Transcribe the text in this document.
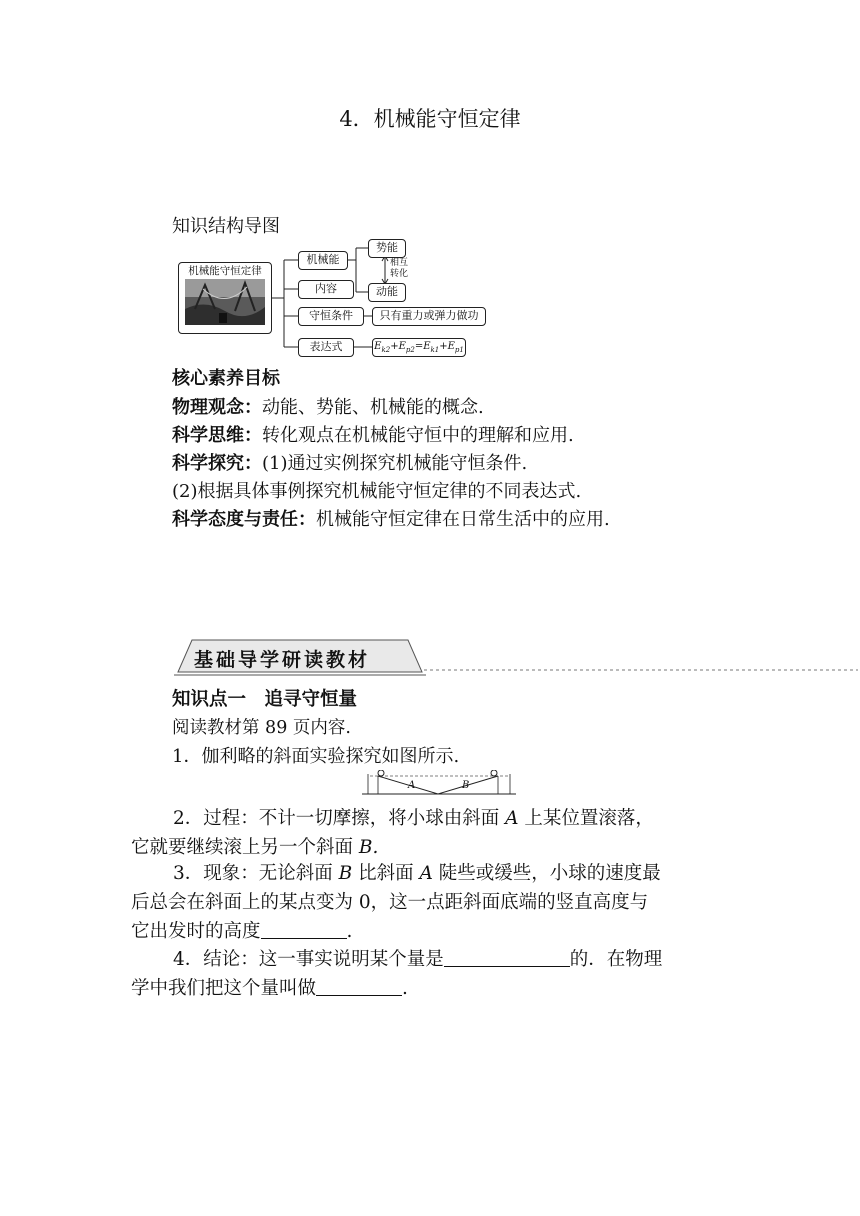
4．机械能守恒定律
知识结构导图
机械能守恒定律
机械能
内容
守恒条件
表达式
势能
动能
相互
转化
只有重力或弹力做功
$E_{k2}+E_{p2}=E_{k1}+E_{p1}$
核心素养目标
物理观念：动能、势能、机械能的概念.
科学思维：转化观点在机械能守恒中的理解和应用.
科学探究：(1)通过实例探究机械能守恒条件.
(2)根据具体事例探究机械能守恒定律的不同表达式.
科学态度与责任：机械能守恒定律在日常生活中的应用.
基础导学研读教材
知识点一　追寻守恒量
阅读教材第 89 页内容.
1．伽利略的斜面实验探究如图所示.
A	B
2．过程：不计一切摩擦，将小球由斜面 A 上某位置滚落，
它就要继续滚上另一个斜面 B.
3．现象：无论斜面 B 比斜面 A 陡些或缓些，小球的速度最
后总会在斜面上的某点变为 0，这一点距斜面底端的竖直高度与
它出发时的高度	.
4．结论：这一事实说明某个量是	的．在物理
学中我们把这个量叫做	.
